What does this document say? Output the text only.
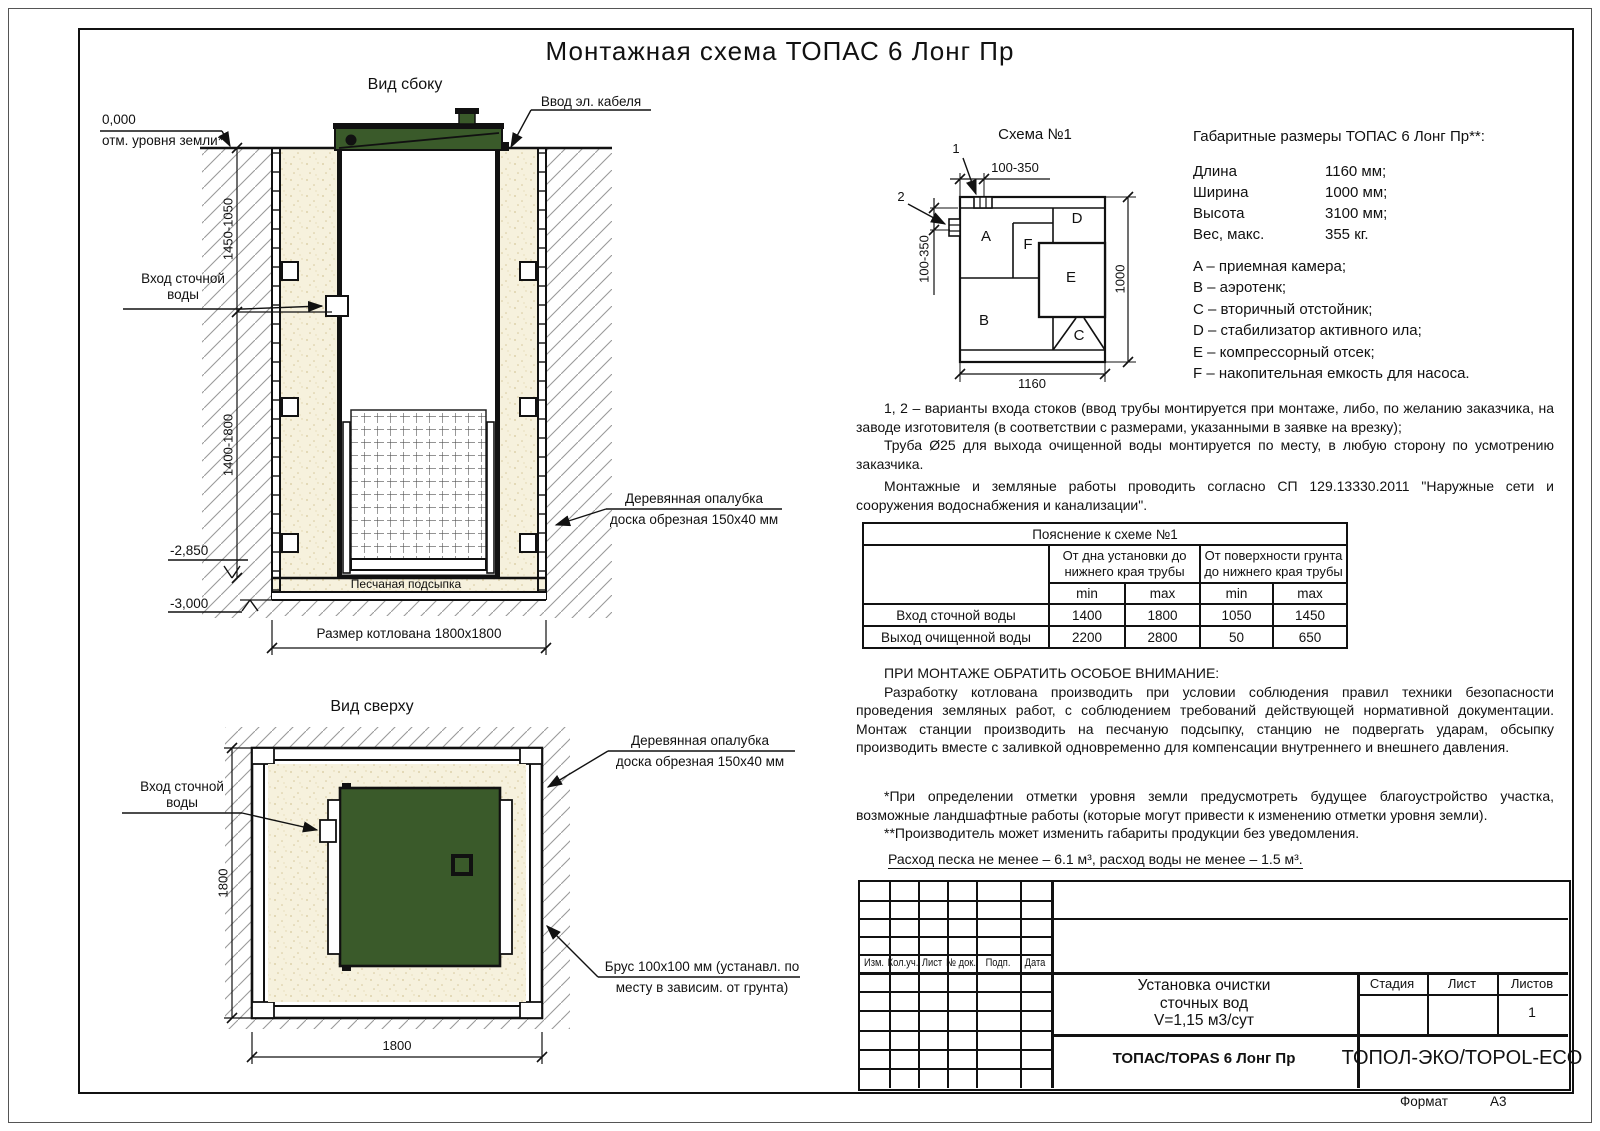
Монтажная схема ТОПАС 6 Лонг Пр
Вид сбоку
0,000
отм. уровня земли*
1450-1050
1400-1800
Вход сточной
воды
Ввод эл. кабеля
Деревянная опалубка
доска обрезная 150х40 мм
-2,850
-3,000
Песчаная подсыпка
Размер котлована 1800х1800
Вид сверху
Вход сточной
воды
Деревянная опалубка
доска обрезная 150х40 мм
Брус 100х100 мм (устанавл. по
месту в зависим. от грунта)
1800
1800
Схема №1
A
B
C
D
E
F
1
2
100-350
100-350	1000
1160
Габаритные размеры ТОПАС 6 Лонг Пр**:
Длина	1160 мм;
Ширина	1000 мм;
Высота	3100 мм;
Вес, макс.	355 кг.
A – приемная камера;
B – аэротенк;
C – вторичный отстойник;
D – стабилизатор активного ила;
E – компрессорный отсек;
F – накопительная емкость для насоса.

1, 2 – варианты входа стоков (ввод трубы монтируется при монтаже, либо, по желанию заказчика, на заводе изготовителя (в соответствии с размерами, указанными в заявке на врезку);

Труба Ø25 для выхода очищенной воды монтируется по месту, в любую сторону по усмотрению заказчика.

Монтажные и земляные работы проводить согласно СП 129.13330.2011 "Наружные сети и сооружения водоснабжения и канализации".

Пояснение к схеме №1				
	От дна установки до нижнего края трубы		От поверхности грунта до нижнего края трубы	
	min	max	min	max
Вход сточной воды	1400	1800	1050	1450
Выход очищенной воды	2200	2800	50	650

ПРИ МОНТАЖЕ ОБРАТИТЬ ОСОБОЕ ВНИМАНИЕ:

Разработку котлована производить при условии соблюдения правил техники безопасности проведения земляных работ, с соблюдением требований действующей нормативной документации. Монтаж станции производить на песчаную подсыпку, станцию не подвергать ударам, обсыпку производить вместе с заливкой одновременно для компенсации внутреннего и внешнего давления.

*При определении отметки уровня земли предусмотреть будущее благоустройство участка, возможные ландшафтные работы (которые могут привести к изменению отметки уровня земли).

**Производитель может изменить габариты продукции без уведомления.

Расход песка не менее – 6.1 м³, расход воды не менее – 1.5 м³.
Изм. Кол.уч. Лист № док. Подп. Дата
Стадия	Лист	Листов
1
Установка очистки
сточных вод
V=1,15 м3/сут
ТОПАС/TOPAS 6 Лонг Пр ТОПОЛ-ЭКО/TOPOL-ECO
Формат	А3
